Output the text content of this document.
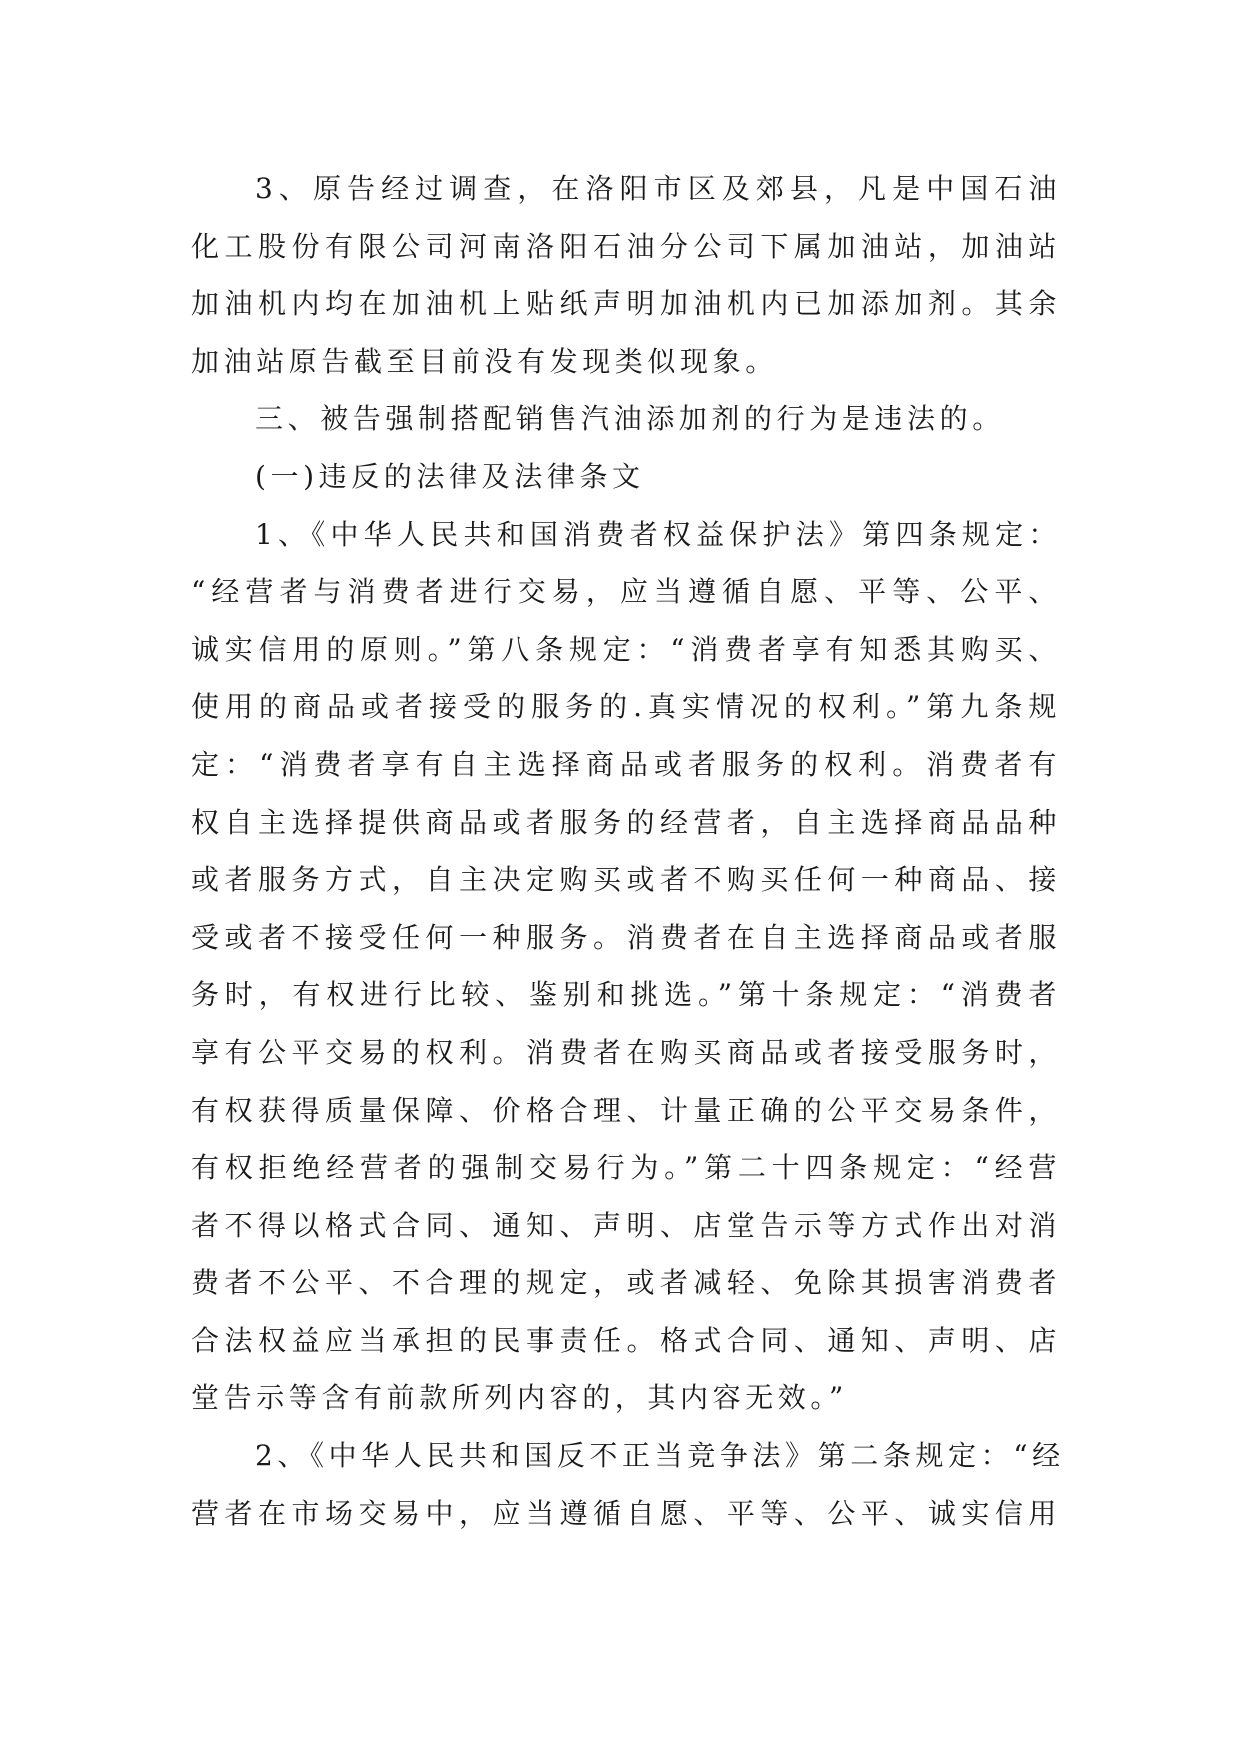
3、原告经过调查，在洛阳市区及郊县，凡是中国石油
化工股份有限公司河南洛阳石油分公司下属加油站，加油站
加油机内均在加油机上贴纸声明加油机内已加添加剂。其余
加油站原告截至目前没有发现类似现象。
三、被告强制搭配销售汽油添加剂的行为是违法的。
(一)违反的法律及法律条文
1、《中华人民共和国消费者权益保护法》第四条规定：
“经营者与消费者进行交易，应当遵循自愿、平等、公平、
诚实信用的原则。”第八条规定：“消费者享有知悉其购买、
使用的商品或者接受的服务的.真实情况的权利。”第九条规
定：“消费者享有自主选择商品或者服务的权利。消费者有
权自主选择提供商品或者服务的经营者，自主选择商品品种
或者服务方式，自主决定购买或者不购买任何一种商品、接
受或者不接受任何一种服务。消费者在自主选择商品或者服
务时，有权进行比较、鉴别和挑选。”第十条规定：“消费者
享有公平交易的权利。消费者在购买商品或者接受服务时，
有权获得质量保障、价格合理、计量正确的公平交易条件，
有权拒绝经营者的强制交易行为。”第二十四条规定：“经营
者不得以格式合同、通知、声明、店堂告示等方式作出对消
费者不公平、不合理的规定，或者减轻、免除其损害消费者
合法权益应当承担的民事责任。格式合同、通知、声明、店
堂告示等含有前款所列内容的，其内容无效。”
2、《中华人民共和国反不正当竞争法》第二条规定：“经
营者在市场交易中，应当遵循自愿、平等、公平、诚实信用
